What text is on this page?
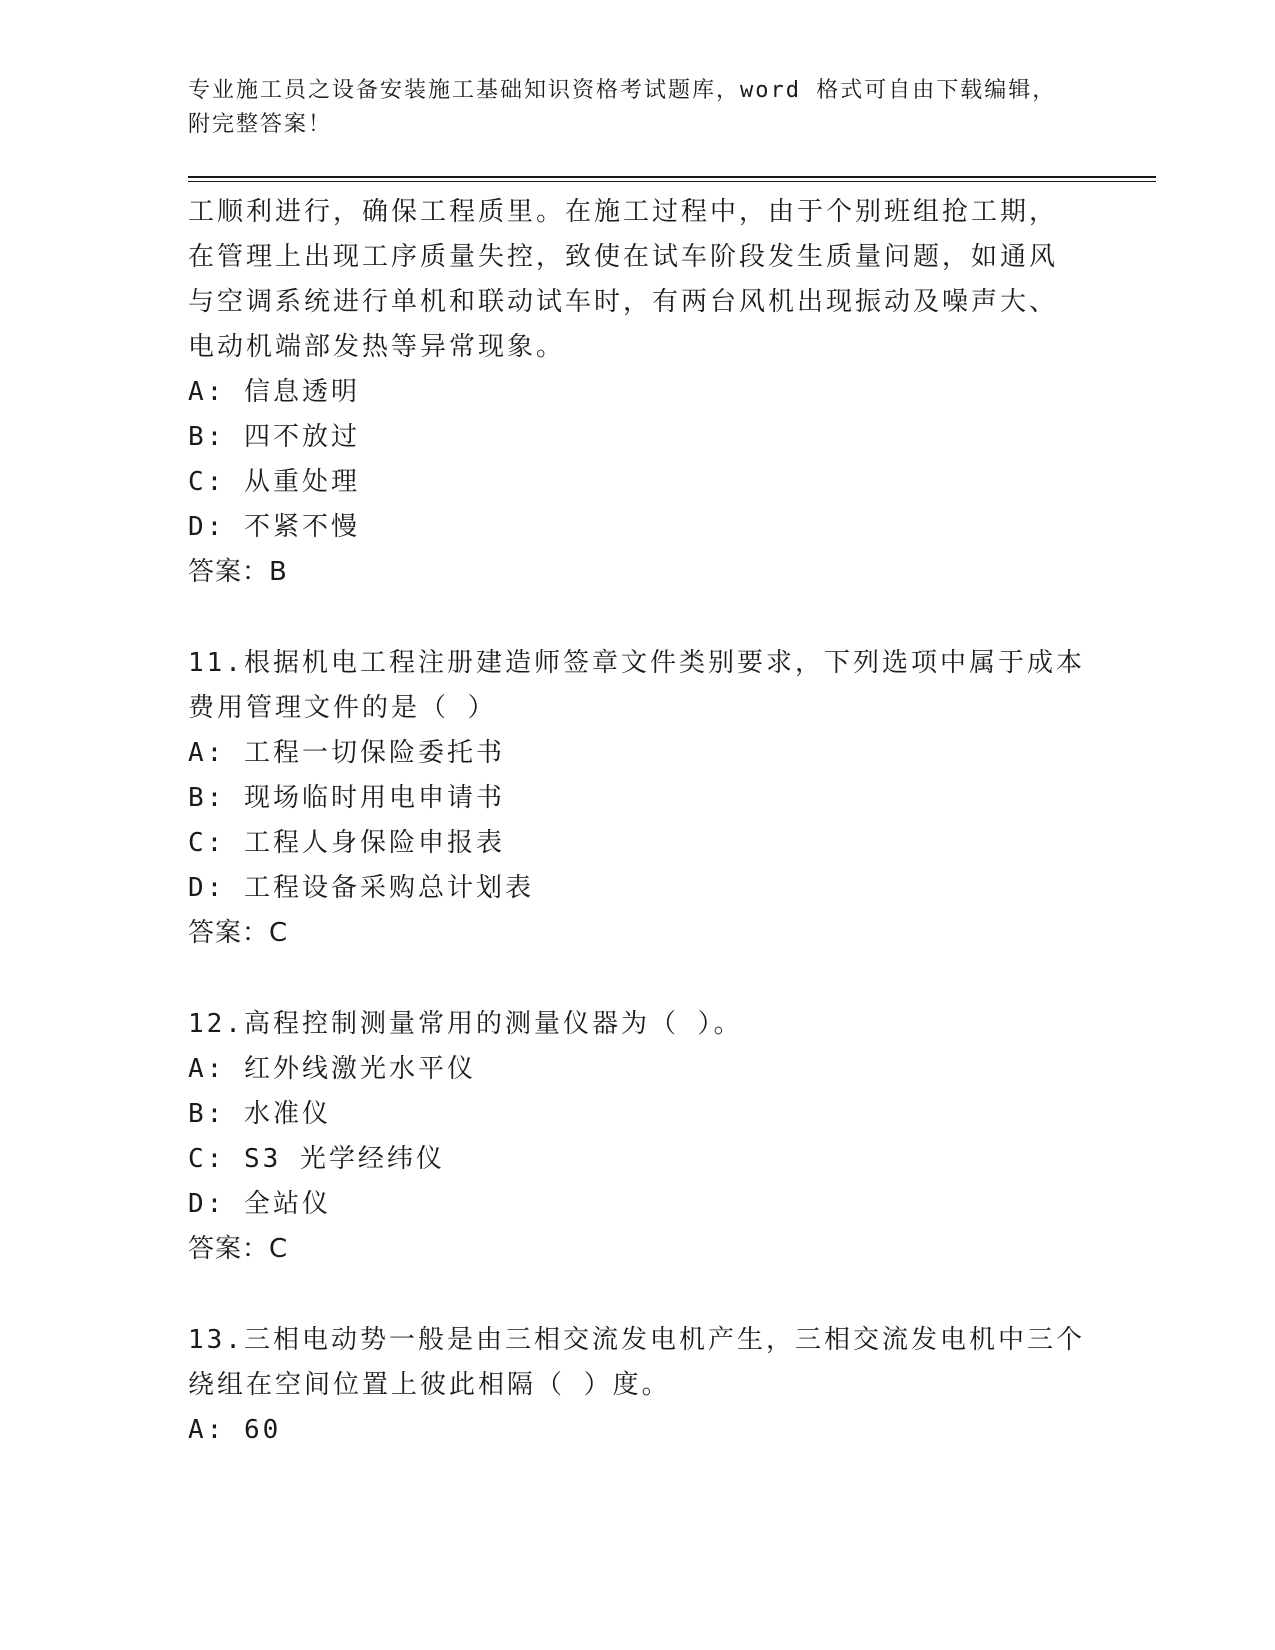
专业施工员之设备安装施工基础知识资格考试题库，word 格式可自由下载编辑，
附完整答案！
工顺利进行，确保工程质里。在施工过程中，由于个别班组抢工期，
在管理上出现工序质量失控，致使在试车阶段发生质量问题，如通风
与空调系统进行单机和联动试车时，有两台风机出现振动及噪声大、
电动机端部发热等异常现象。
A: 信息透明
B: 四不放过
C: 从重处理
D: 不紧不慢
答案：B
11.根据机电工程注册建造师签章文件类别要求，下列选项中属于成本
费用管理文件的是（ ）
A: 工程一切保险委托书
B: 现场临时用电申请书
C: 工程人身保险申报表
D: 工程设备采购总计划表
答案：C
12.高程控制测量常用的测量仪器为（ ）。
A: 红外线激光水平仪
B: 水准仪
C: S3 光学经纬仪
D: 全站仪
答案：C
13.三相电动势一般是由三相交流发电机产生，三相交流发电机中三个
绕组在空间位置上彼此相隔（ ）度。
A: 60
